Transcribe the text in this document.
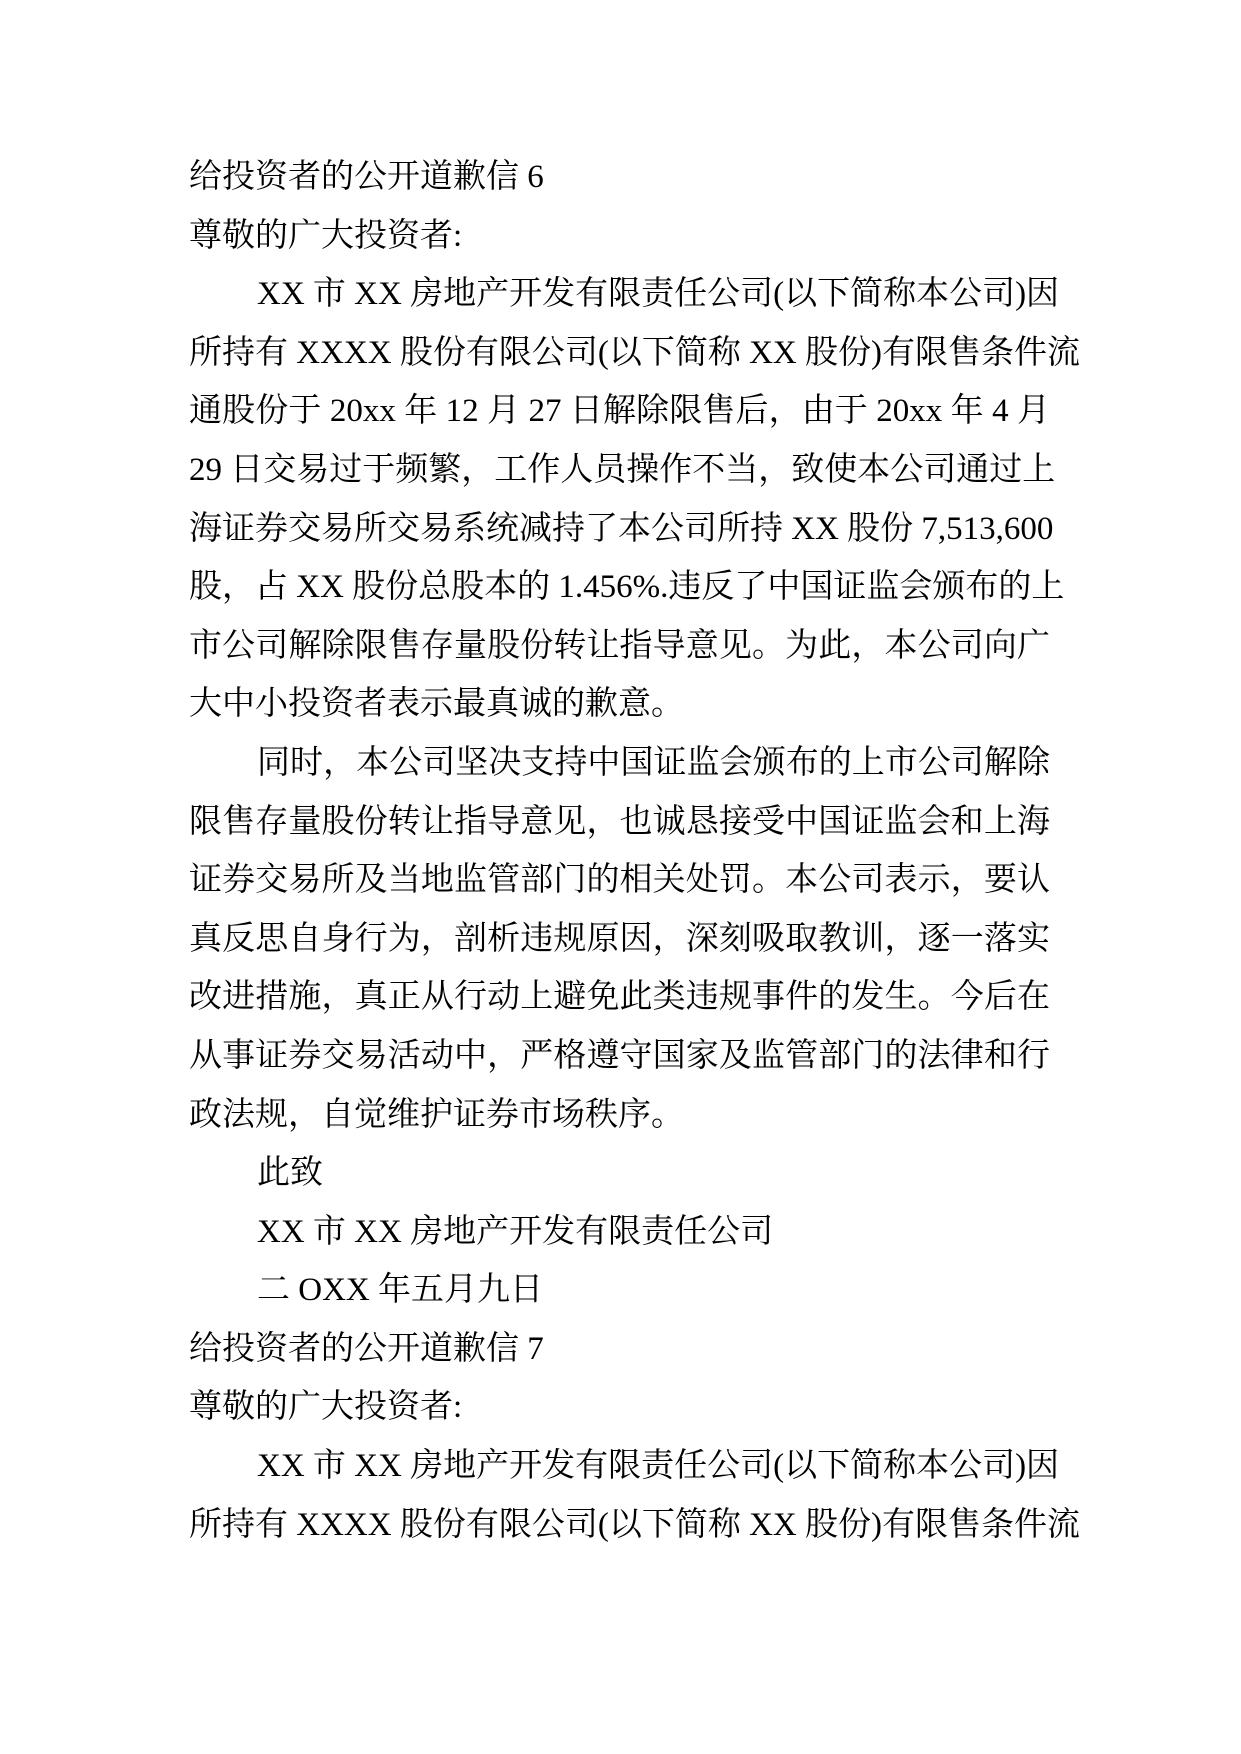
给投资者的公开道歉信 6
尊敬的广大投资者:
XX 市 XX 房地产开发有限责任公司(以下简称本公司)因
所持有 XXXX 股份有限公司(以下简称 XX 股份)有限售条件流
通股份于 20xx 年 12 月 27 日解除限售后，由于 20xx 年 4 月
29 日交易过于频繁，工作人员操作不当，致使本公司通过上
海证券交易所交易系统减持了本公司所持 XX 股份 7,513,600
股，占 XX 股份总股本的 1.456%.违反了中国证监会颁布的上
市公司解除限售存量股份转让指导意见。为此，本公司向广
大中小投资者表示最真诚的歉意。
同时，本公司坚决支持中国证监会颁布的上市公司解除
限售存量股份转让指导意见，也诚恳接受中国证监会和上海
证券交易所及当地监管部门的相关处罚。本公司表示，要认
真反思自身行为，剖析违规原因，深刻吸取教训，逐一落实
改进措施，真正从行动上避免此类违规事件的发生。今后在
从事证券交易活动中，严格遵守国家及监管部门的法律和行
政法规，自觉维护证券市场秩序。
此致
XX 市 XX 房地产开发有限责任公司
二 OXX 年五月九日
给投资者的公开道歉信 7
尊敬的广大投资者:
XX 市 XX 房地产开发有限责任公司(以下简称本公司)因
所持有 XXXX 股份有限公司(以下简称 XX 股份)有限售条件流
